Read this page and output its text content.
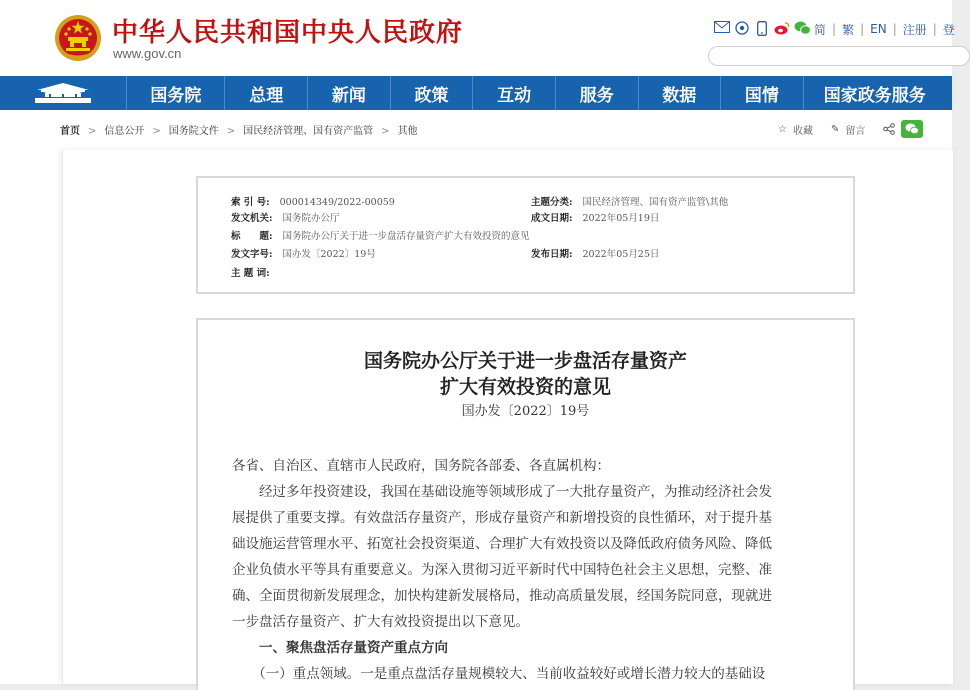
中华人民共和国中央人民政府
www.gov.cn
简 | 繁 | EN | 注册 | 登
国务院	总理	新闻	政策	互动	服务	数据	国情	国家政务服务
首页 > 信息公开 > 国务院文件 > 国民经济管理、国有资产监管 > 其他	☆ 收藏 ✎ 留言
索 引 号: 000014349/2022-00059	主题分类: 国民经济管理、国有资产监管\其他
发文机关: 国务院办公厅	成文日期: 2022年05月19日
标　　题: 国务院办公厅关于进一步盘活存量资产扩大有效投资的意见
发文字号: 国办发〔2022〕19号	发布日期: 2022年05月25日
主 题 词:
国务院办公厅关于进一步盘活存量资产
扩大有效投资的意见
国办发〔2022〕19号
各省、自治区、直辖市人民政府，国务院各部委、各直属机构：
　　经过多年投资建设，我国在基础设施等领域形成了一大批存量资产，为推动经济社会发
展提供了重要支撑。有效盘活存量资产，形成存量资产和新增投资的良性循环，对于提升基
础设施运营管理水平、拓宽社会投资渠道、合理扩大有效投资以及降低政府债务风险、降低
企业负债水平等具有重要意义。为深入贯彻习近平新时代中国特色社会主义思想，完整、准
确、全面贯彻新发展理念，加快构建新发展格局，推动高质量发展，经国务院同意，现就进
一步盘活存量资产、扩大有效投资提出以下意见。
　　一、聚焦盘活存量资产重点方向
　　（一）重点领域。一是重点盘活存量规模较大、当前收益较好或增长潜力较大的基础设
